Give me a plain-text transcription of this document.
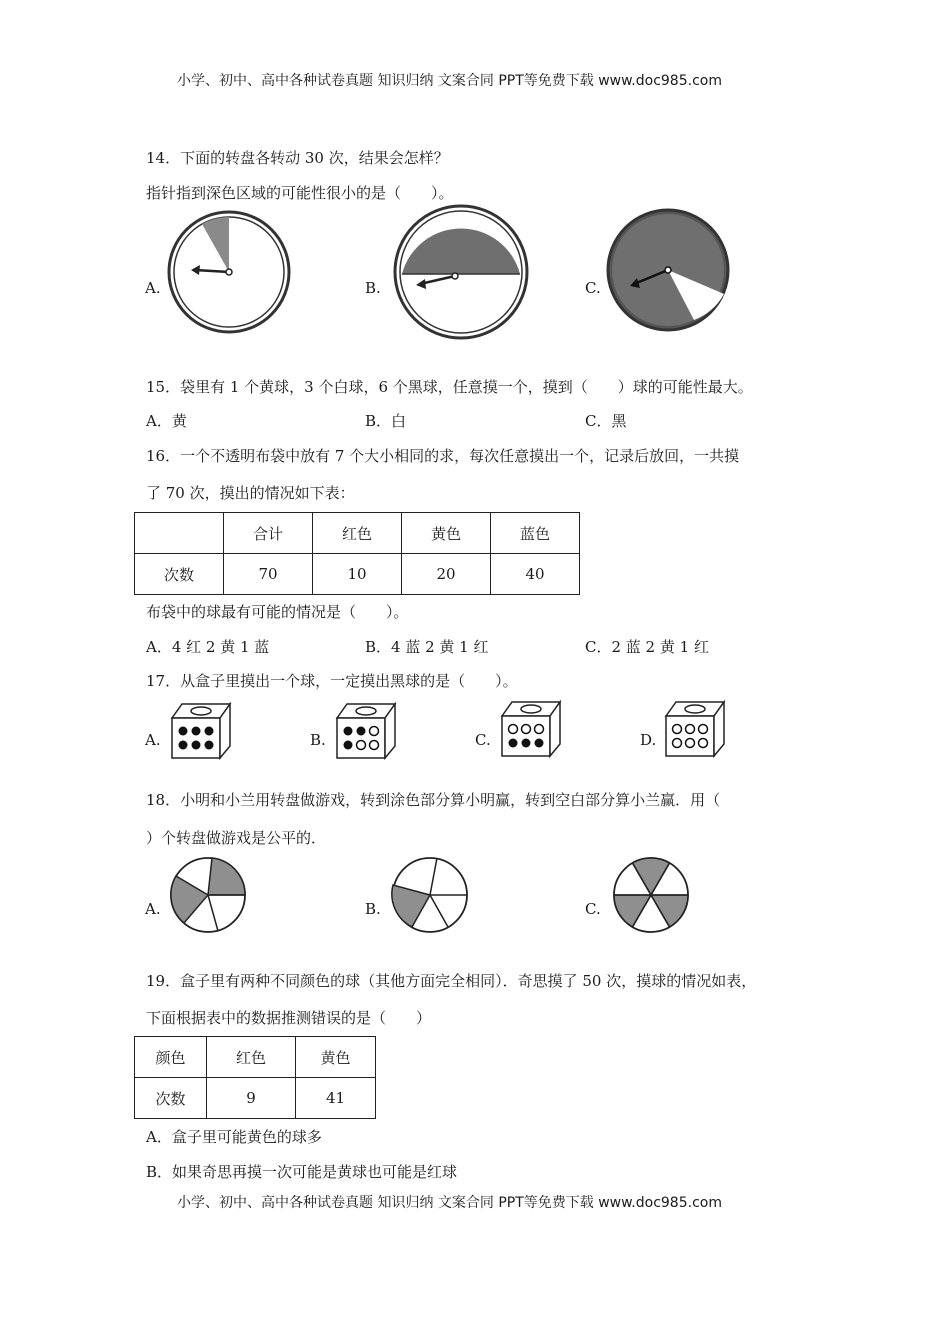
小学、初中、高中各种试卷真题 知识归纳 文案合同 PPT等免费下载 www.doc985.com
小学、初中、高中各种试卷真题 知识归纳 文案合同 PPT等免费下载 www.doc985.com
14．下面的转盘各转动 30 次，结果会怎样？
指针指到深色区域的可能性很小的是（　　）。
A.	B.	C.
15．袋里有 1 个黄球，3 个白球，6 个黑球，任意摸一个，摸到（　　）球的可能性最大。
A．黄	B．白	C．黑
16．一个不透明布袋中放有 7 个大小相同的求，每次任意摸出一个，记录后放回，一共摸
了 70 次，摸出的情况如下表：
	合计	红色	黄色	蓝色
次数	70	10	20	40
布袋中的球最有可能的情况是（　　）。
A．4 红 2 黄 1 蓝	B．4 蓝 2 黄 1 红	C．2 蓝 2 黄 1 红
17．从盒子里摸出一个球，一定摸出黑球的是（　　）。
A.	B.	C.	D.
18．小明和小兰用转盘做游戏，转到涂色部分算小明赢，转到空白部分算小兰赢．用（
）个转盘做游戏是公平的．
A.	B.	C.
19．盒子里有两种不同颜色的球（其他方面完全相同）．奇思摸了 50 次，摸球的情况如表，
下面根据表中的数据推测错误的是（　　）
颜色	红色	黄色
次数	9	41
A．盒子里可能黄色的球多
B．如果奇思再摸一次可能是黄球也可能是红球
